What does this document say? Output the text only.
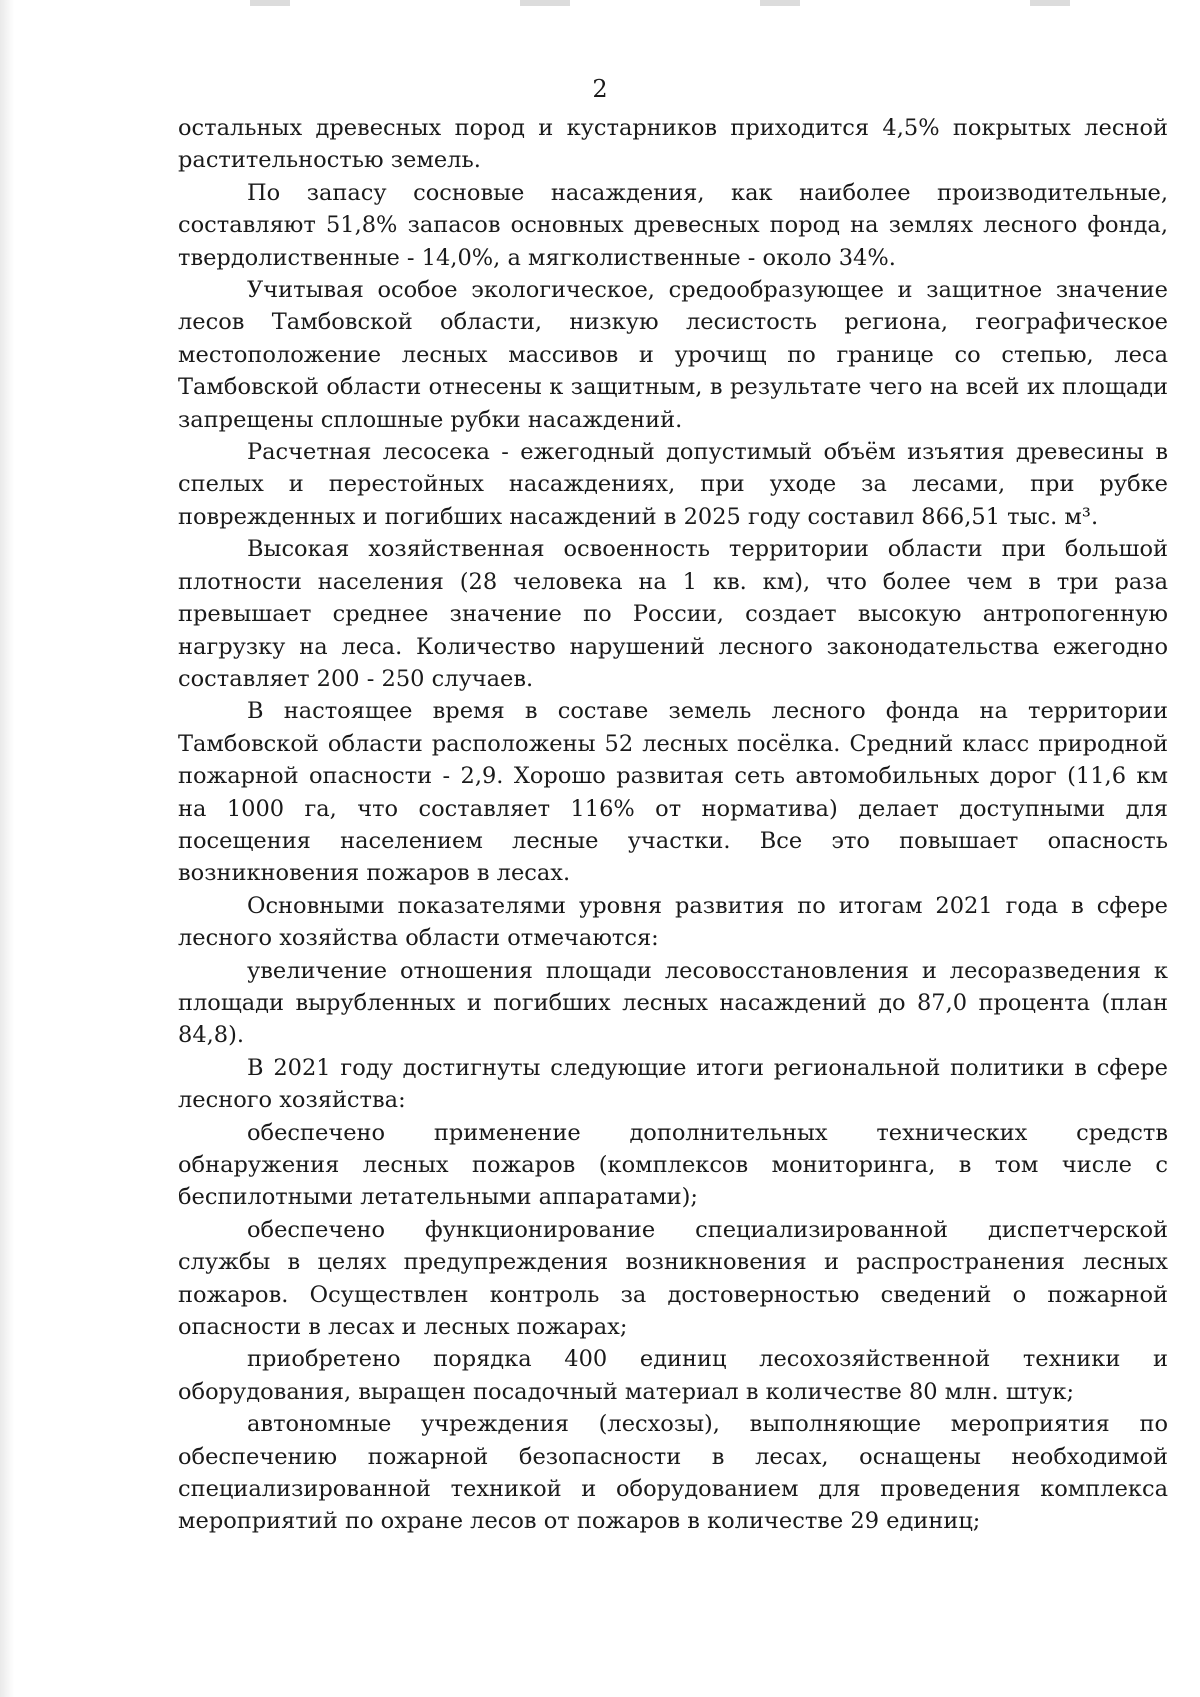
2

остальных древесных пород и кустарников приходится 4,5% покрытых лесной растительностью земель.

По запасу сосновые насаждения, как наиболее производительные, составляют 51,8% запасов основных древесных пород на землях лесного фонда, твердолиственные - 14,0%, а мягколиственные - около 34%.

Учитывая особое экологическое, средообразующее и защитное значение лесов Тамбовской области, низкую лесистость региона, географическое местоположение лесных массивов и урочищ по границе со степью, леса Тамбовской области отнесены к защитным, в результате чего на всей их площади запрещены сплошные рубки насаждений.

Расчетная лесосека - ежегодный допустимый объём изъятия древесины в спелых и перестойных насаждениях, при уходе за лесами, при рубке поврежденных и погибших насаждений в 2025 году составил 866,51 тыс. м³.

Высокая хозяйственная освоенность территории области при большой плотности населения (28 человека на 1 кв. км), что более чем в три раза превышает среднее значение по России, создает высокую антропогенную нагрузку на леса. Количество нарушений лесного законодательства ежегодно составляет 200 - 250 случаев.

В настоящее время в составе земель лесного фонда на территории Тамбовской области расположены 52 лесных посёлка. Средний класс природной пожарной опасности - 2,9. Хорошо развитая сеть автомобильных дорог (11,6 км на 1000 га, что составляет 116% от норматива) делает доступными для посещения населением лесные участки. Все это повышает опасность возникновения пожаров в лесах.

Основными показателями уровня развития по итогам 2021 года в сфере лесного хозяйства области отмечаются:

увеличение отношения площади лесовосстановления и лесоразведения к площади вырубленных и погибших лесных насаждений до 87,0 процента (план 84,8).

В 2021 году достигнуты следующие итоги региональной политики в сфере лесного хозяйства:

обеспечено применение дополнительных технических средств обнаружения лесных пожаров (комплексов мониторинга, в том числе с беспилотными летательными аппаратами);

обеспечено функционирование специализированной диспетчерской службы в целях предупреждения возникновения и распространения лесных пожаров. Осуществлен контроль за достоверностью сведений о пожарной опасности в лесах и лесных пожарах;

приобретено порядка 400 единиц лесохозяйственной техники и оборудования, выращен посадочный материал в количестве 80 млн. штук;

автономные учреждения (лесхозы), выполняющие мероприятия по обеспечению пожарной безопасности в лесах, оснащены необходимой специализированной техникой и оборудованием для проведения комплекса мероприятий по охране лесов от пожаров в количестве 29 единиц;
